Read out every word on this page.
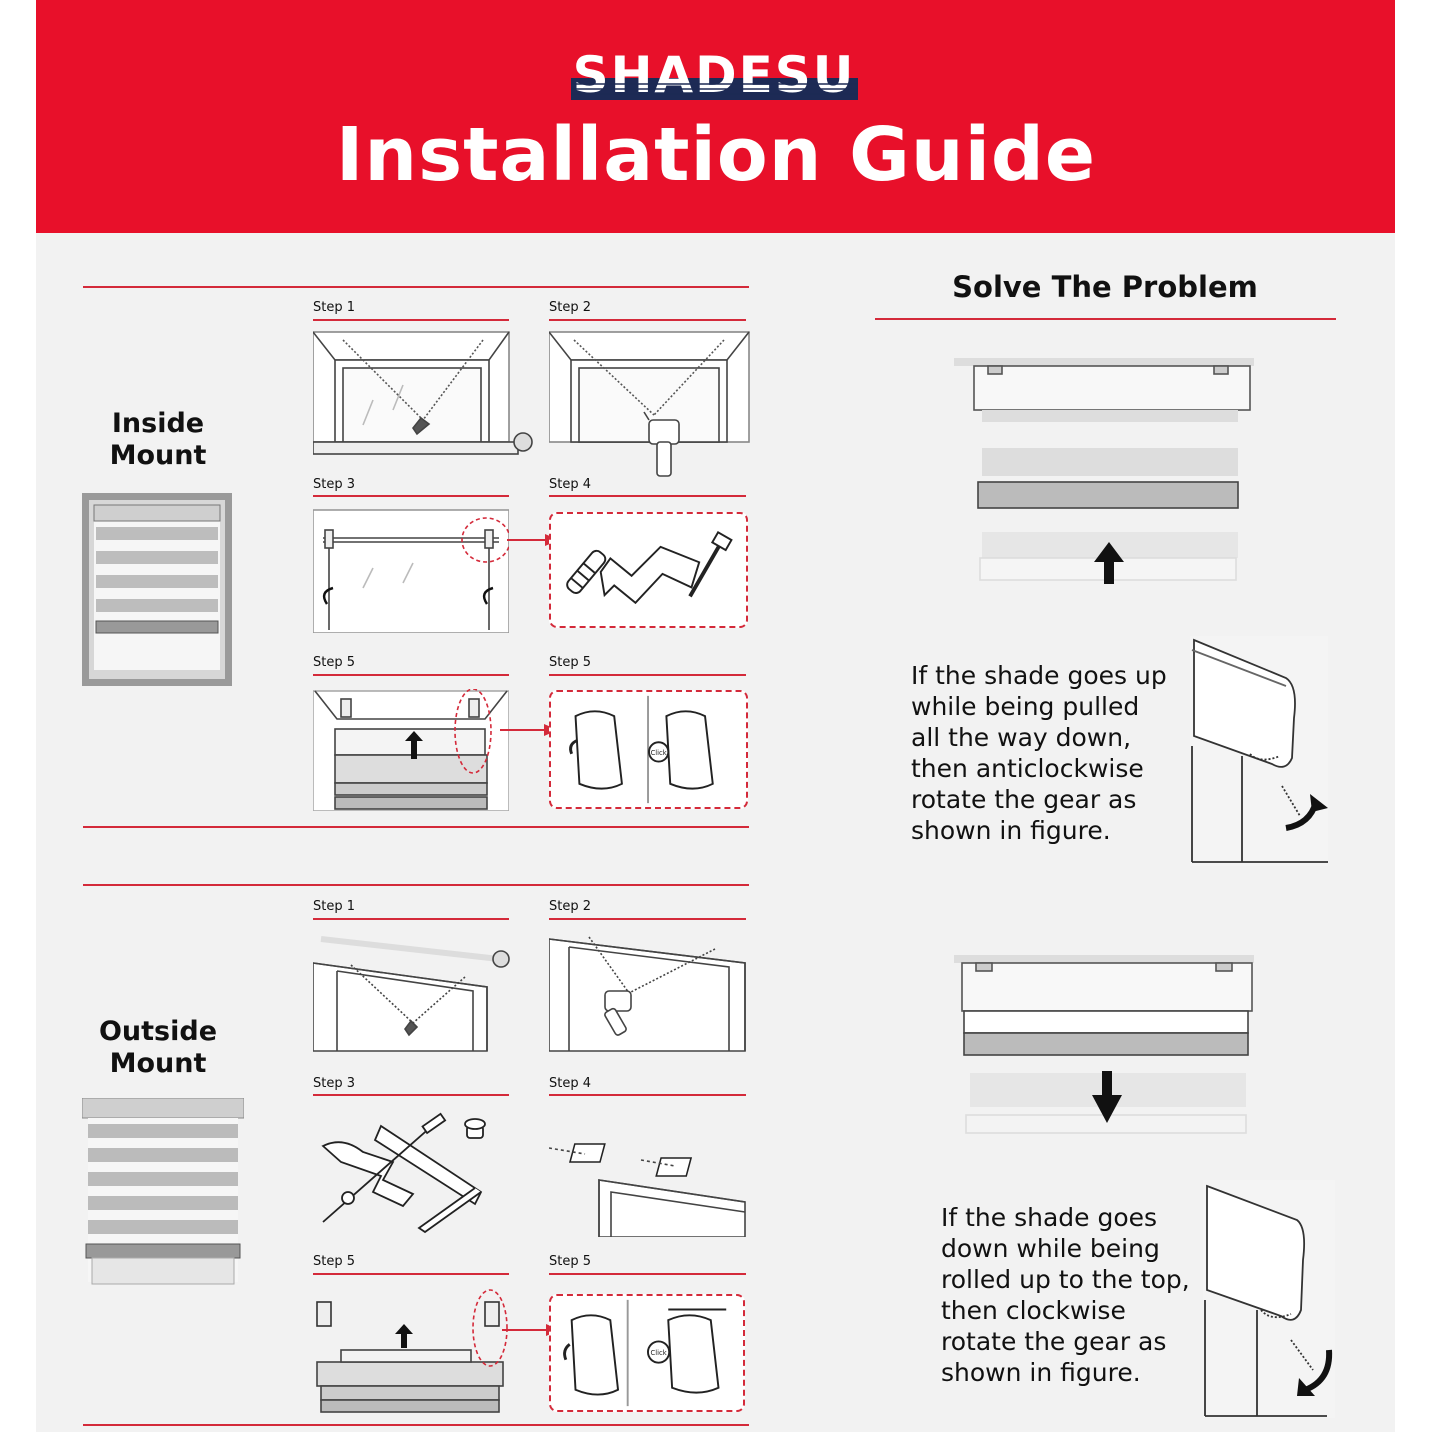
SHADESU
Installation Guide
Inside
Mount
Step 1	Step 2
Step 3	Step 4
Step 5	Step 5
Click
Outside
Mount
Step 1	Step 2
Step 3	Step 4
Step 5	Step 5
Click
Solve The Problem
If the shade goes up
while being pulled
all the way down,
then anticlockwise
rotate the gear as
shown in figure.
If the shade goes
down while being
rolled up to the top,
then clockwise
rotate the gear as
shown in figure.
